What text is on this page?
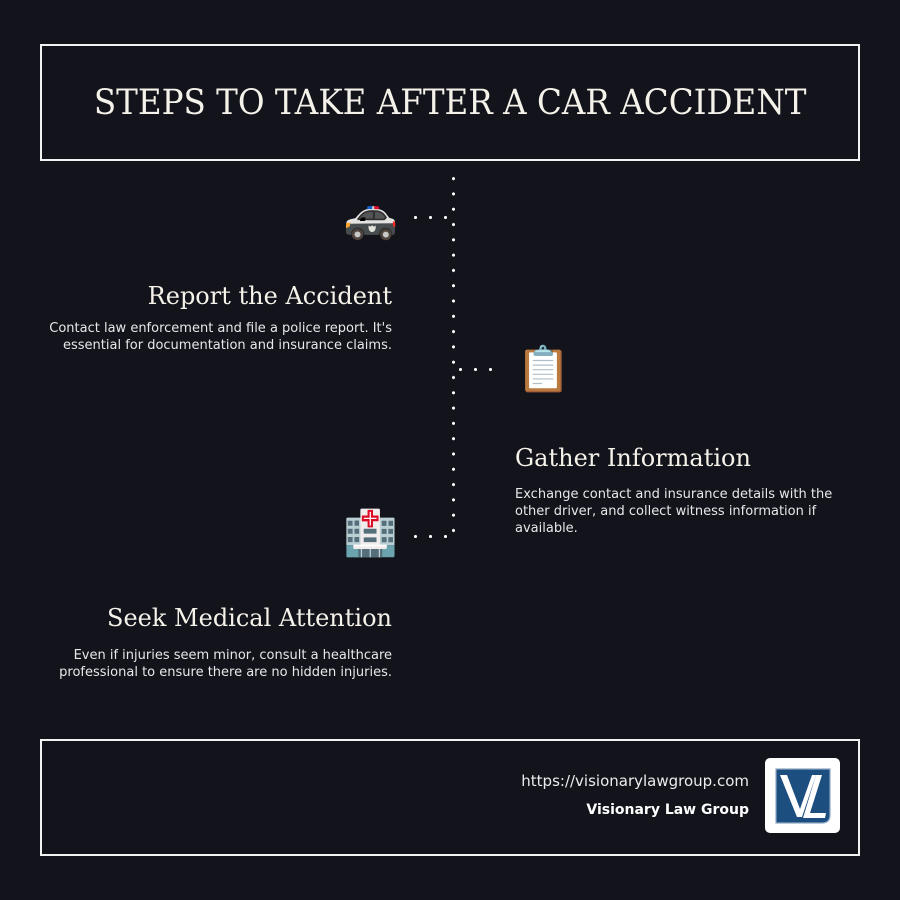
STEPS TO TAKE AFTER A CAR ACCIDENT
🚓
Report the Accident

Contact law enforcement and file a police report. It's essential for documentation and insurance claims.	📋
Gather Information

Exchange contact and insurance details with the other driver, and collect witness information if available.

🏥
Seek Medical Attention

Even if injuries seem minor, consult a healthcare professional to ensure there are no hidden injuries.

https://visionarylawgroup.com
Visionary Law Group
